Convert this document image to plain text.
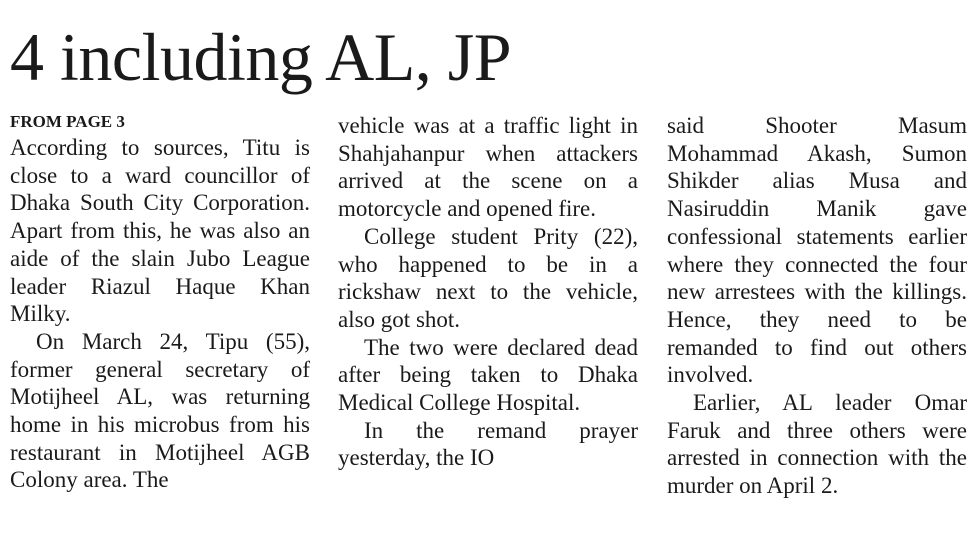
4 including AL, JP
FROM PAGE 3

According to sources, Titu is close to a ward councillor of Dhaka South City Corporation. Apart from this, he was also an aide of the slain Jubo League leader Riazul Haque Khan Milky.

On March 24, Tipu (55), former general secretary of Motijheel AL, was returning home in his microbus from his restaurant in Motijheel AGB Colony area. The

vehicle was at a traffic light in Shahjahanpur when attackers arrived at the scene on a motorcycle and opened fire.

College student Prity (22), who happened to be in a rickshaw next to the vehicle, also got shot.

The two were declared dead after being taken to Dhaka Medical College Hospital.

In the remand prayer yesterday, the IO

said Shooter Masum Mohammad Akash, Sumon Shikder alias Musa and Nasiruddin Manik gave confessional statements earlier where they connected the four new arrestees with the killings. Hence, they need to be remanded to find out others involved.

Earlier, AL leader Omar Faruk and three others were arrested in connection with the murder on April 2.
